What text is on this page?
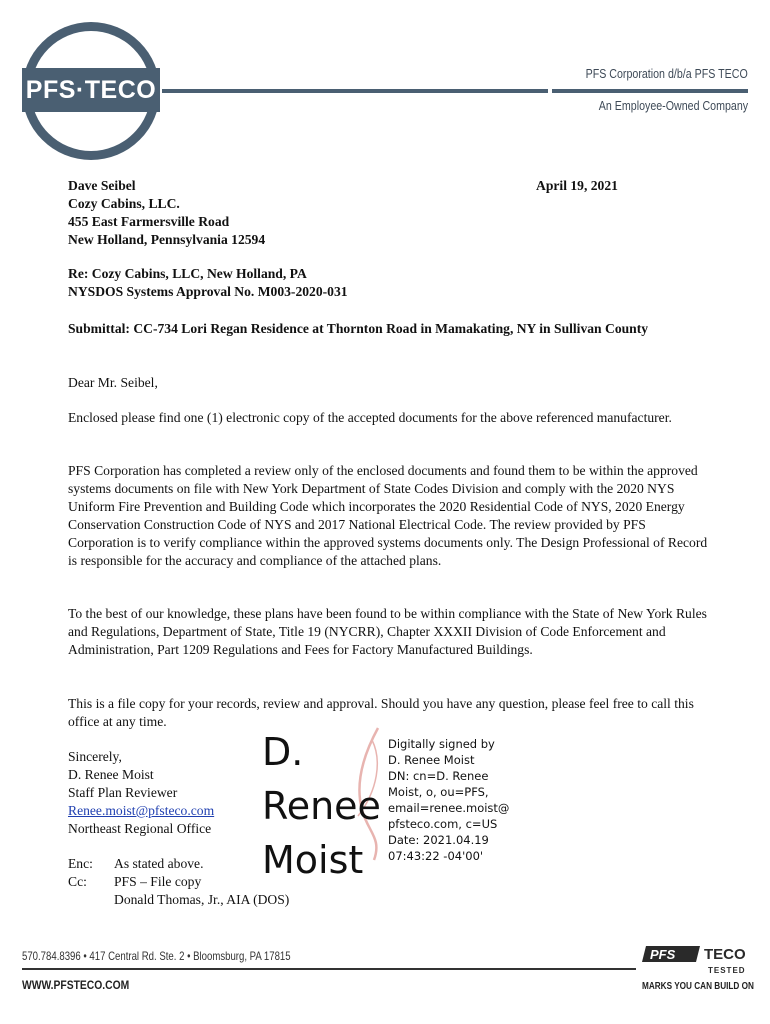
PFS·TECO
PFS Corporation d/b/a PFS TECO
An Employee-Owned Company
Dave Seibel
Cozy Cabins, LLC.
455 East Farmersville Road
New Holland, Pennsylvania 12594
April 19, 2021
Re: Cozy Cabins, LLC, New Holland, PA
NYSDOS Systems Approval No. M003-2020-031
Submittal: CC-734 Lori Regan Residence at Thornton Road in Mamakating, NY in Sullivan County
Dear Mr. Seibel,
Enclosed please find one (1) electronic copy of the accepted documents for the above referenced manufacturer.
PFS Corporation has completed a review only of the enclosed documents and found them to be within the approved systems documents on file with New York Department of State Codes Division and comply with the 2020 NYS Uniform Fire Prevention and Building Code which incorporates the 2020 Residential Code of NYS, 2020 Energy Conservation Construction Code of NYS and 2017 National Electrical Code. The review provided by PFS Corporation is to verify compliance within the approved systems documents only. The Design Professional of Record is responsible for the accuracy and compliance of the attached plans.
To the best of our knowledge, these plans have been found to be within compliance with the State of New York Rules and Regulations, Department of State, Title 19 (NYCRR), Chapter XXXII Division of Code Enforcement and Administration, Part 1209 Regulations and Fees for Factory Manufactured Buildings.
This is a file copy for your records, review and approval. Should you have any question, please feel free to call this office at any time.
Sincerely,
D. Renee Moist
Staff Plan Reviewer
Renee.moist@pfsteco.com
Northeast Regional Office
Enc:	As stated above.
Cc:	PFS – File copy
Donald Thomas, Jr., AIA (DOS)
D.
Renee
Moist
Digitally signed by
D. Renee Moist
DN: cn=D. Renee
Moist, o, ou=PFS,
email=renee.moist@
pfsteco.com, c=US
Date: 2021.04.19
07:43:22 -04'00'
570.784.8396 • 417 Central Rd. Ste. 2 • Bloomsburg, PA 17815
WWW.PFSTECO.COM
PFS TECO
TESTED
MARKS YOU CAN BUILD ON
